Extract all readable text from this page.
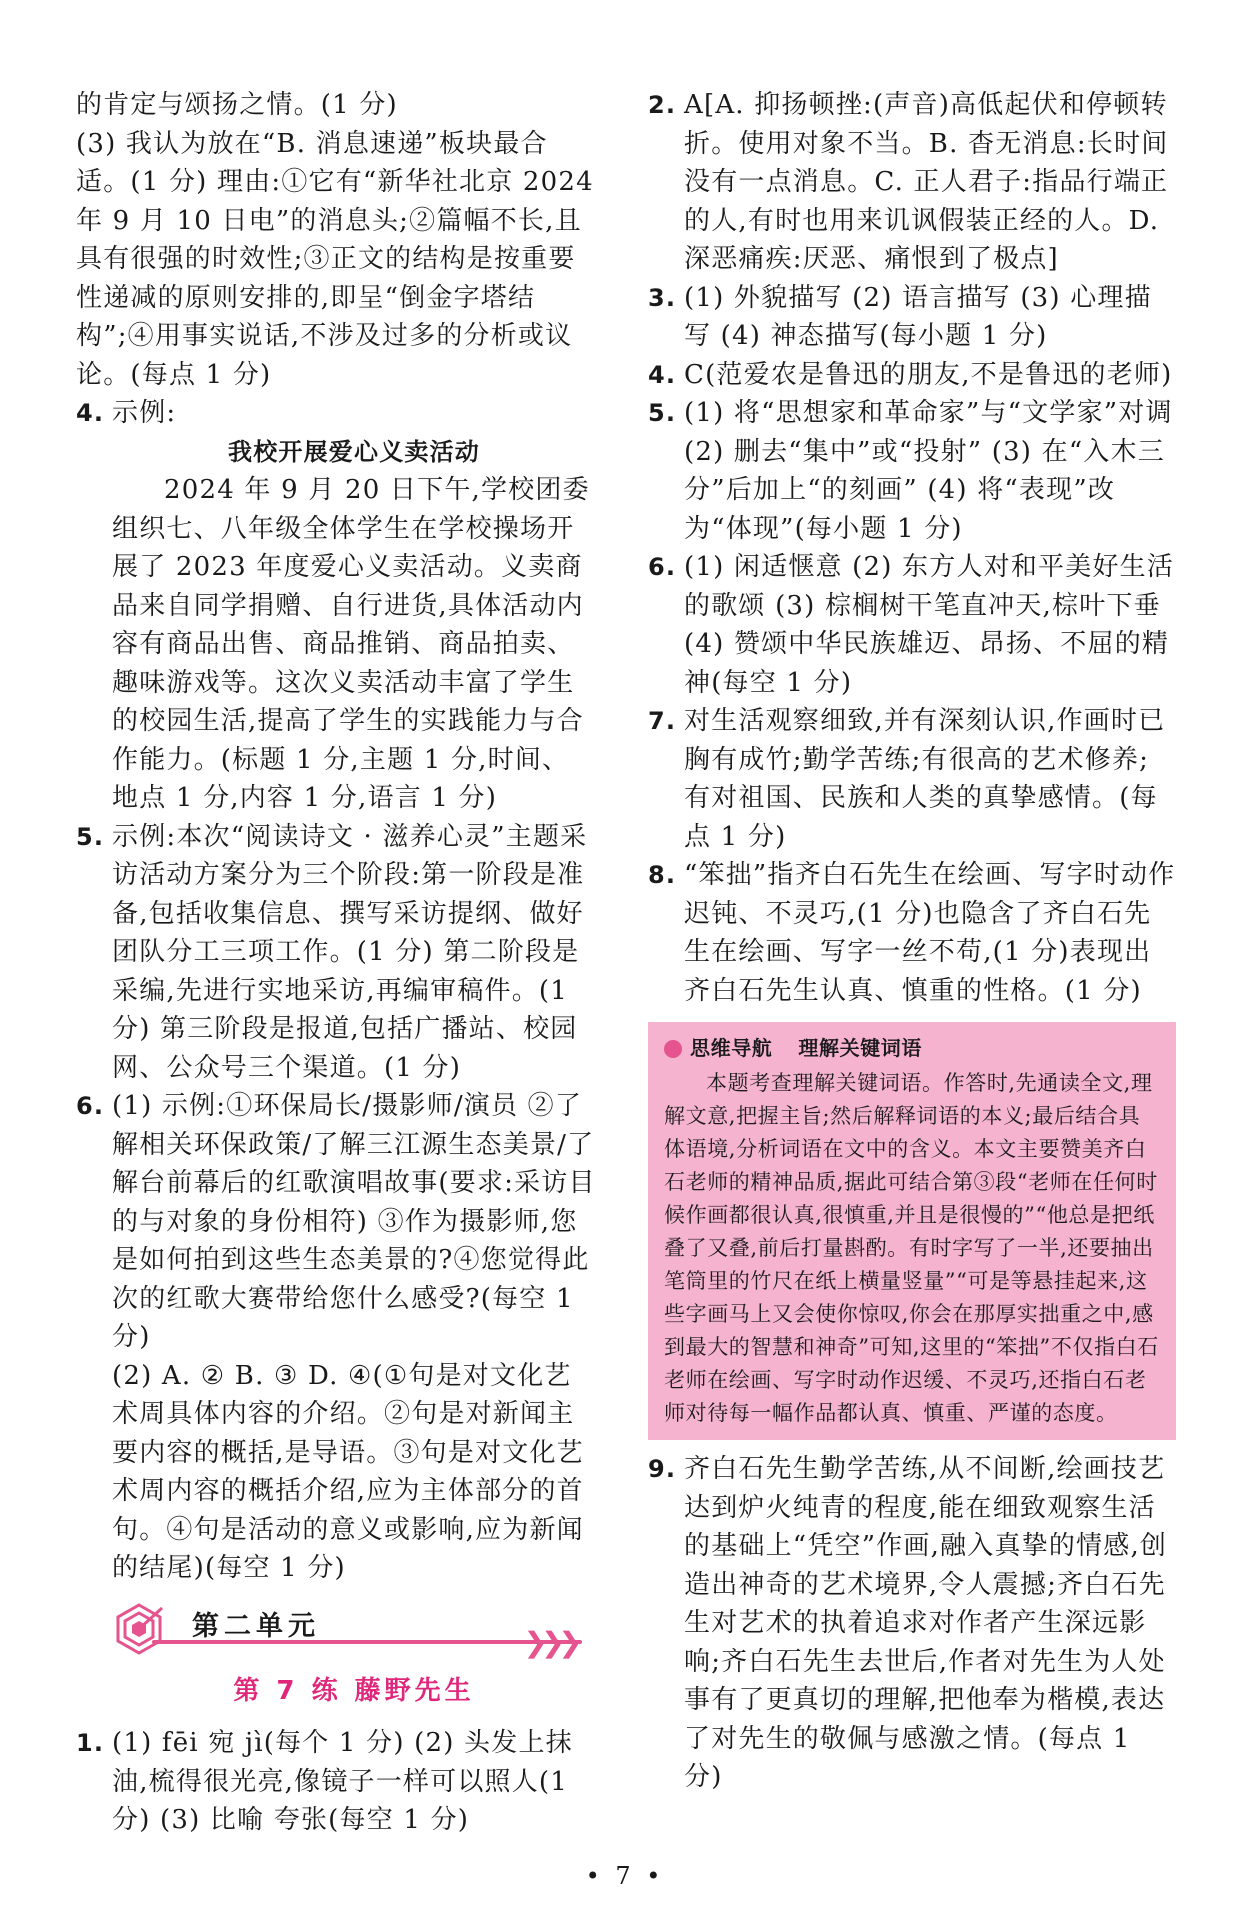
的肯定与颂扬之情。(1 分)

(3) 我认为放在“B. 消息速递”板块最合适。(1 分) 理由:①它有“新华社北京 2024 年 9 月 10 日电”的消息头;②篇幅不长,且具有很强的时效性;③正文的结构是按重要性递减的原则安排的,即呈“倒金字塔结构”;④用事实说话,不涉及过多的分析或议论。(每点 1 分)

4. 示例:

我校开展爱心义卖活动

2024 年 9 月 20 日下午,学校团委组织七、八年级全体学生在学校操场开展了 2023 年度爱心义卖活动。义卖商品来自同学捐赠、自行进货,具体活动内容有商品出售、商品推销、商品拍卖、趣味游戏等。这次义卖活动丰富了学生的校园生活,提高了学生的实践能力与合作能力。(标题 1 分,主题 1 分,时间、地点 1 分,内容 1 分,语言 1 分)

5. 示例:本次“阅读诗文 · 滋养心灵”主题采访活动方案分为三个阶段:第一阶段是准备,包括收集信息、撰写采访提纲、做好团队分工三项工作。(1 分) 第二阶段是采编,先进行实地采访,再编审稿件。(1 分) 第三阶段是报道,包括广播站、校园网、公众号三个渠道。(1 分)

6. (1) 示例:①环保局长/摄影师/演员 ②了解相关环保政策/了解三江源生态美景/了解台前幕后的红歌演唱故事(要求:采访目的与对象的身份相符) ③作为摄影师,您是如何拍到这些生态美景的?④您觉得此次的红歌大赛带给您什么感受?(每空 1 分)

(2) A. ② B. ③ D. ④(①句是对文化艺术周具体内容的介绍。②句是对新闻主要内容的概括,是导语。③句是对文化艺术周内容的概括介绍,应为主体部分的首句。④句是活动的意义或影响,应为新闻的结尾)(每空 1 分)

第二单元	❯❯❯
第 7 练 藤野先生
1. (1) fēi 宛 jì(每个 1 分) (2) 头发上抹油,梳得很光亮,像镜子一样可以照人(1 分) (3) 比喻 夸张(每空 1 分)

2. A[A. 抑扬顿挫:(声音)高低起伏和停顿转折。使用对象不当。B. 杳无消息:长时间没有一点消息。C. 正人君子:指品行端正的人,有时也用来讥讽假装正经的人。D. 深恶痛疾:厌恶、痛恨到了极点]

3. (1) 外貌描写 (2) 语言描写 (3) 心理描写 (4) 神态描写(每小题 1 分)

4. C(范爱农是鲁迅的朋友,不是鲁迅的老师)

5. (1) 将“思想家和革命家”与“文学家”对调 (2) 删去“集中”或“投射” (3) 在“入木三分”后加上“的刻画” (4) 将“表现”改为“体现”(每小题 1 分)

6. (1) 闲适惬意 (2) 东方人对和平美好生活的歌颂 (3) 棕榈树干笔直冲天,棕叶下垂 (4) 赞颂中华民族雄迈、昂扬、不屈的精神(每空 1 分)

7. 对生活观察细致,并有深刻认识,作画时已胸有成竹;勤学苦练;有很高的艺术修养;有对祖国、民族和人类的真挚感情。(每点 1 分)

8. “笨拙”指齐白石先生在绘画、写字时动作迟钝、不灵巧,(1 分)也隐含了齐白石先生在绘画、写字一丝不苟,(1 分)表现出齐白石先生认真、慎重的性格。(1 分)

思维导航 理解关键词语

本题考查理解关键词语。作答时,先通读全文,理解文意,把握主旨;然后解释词语的本义;最后结合具体语境,分析词语在文中的含义。本文主要赞美齐白石老师的精神品质,据此可结合第③段“老师在任何时候作画都很认真,很慎重,并且是很慢的”“他总是把纸叠了又叠,前后打量斟酌。有时字写了一半,还要抽出笔筒里的竹尺在纸上横量竖量”“可是等悬挂起来,这些字画马上又会使你惊叹,你会在那厚实拙重之中,感到最大的智慧和神奇”可知,这里的“笨拙”不仅指白石老师在绘画、写字时动作迟缓、不灵巧,还指白石老师对待每一幅作品都认真、慎重、严谨的态度。

9. 齐白石先生勤学苦练,从不间断,绘画技艺达到炉火纯青的程度,能在细致观察生活的基础上“凭空”作画,融入真挚的情感,创造出神奇的艺术境界,令人震撼;齐白石先生对艺术的执着追求对作者产生深远影响;齐白石先生去世后,作者对先生为人处事有了更真切的理解,把他奉为楷模,表达了对先生的敬佩与感激之情。(每点 1 分)

• 7 •
